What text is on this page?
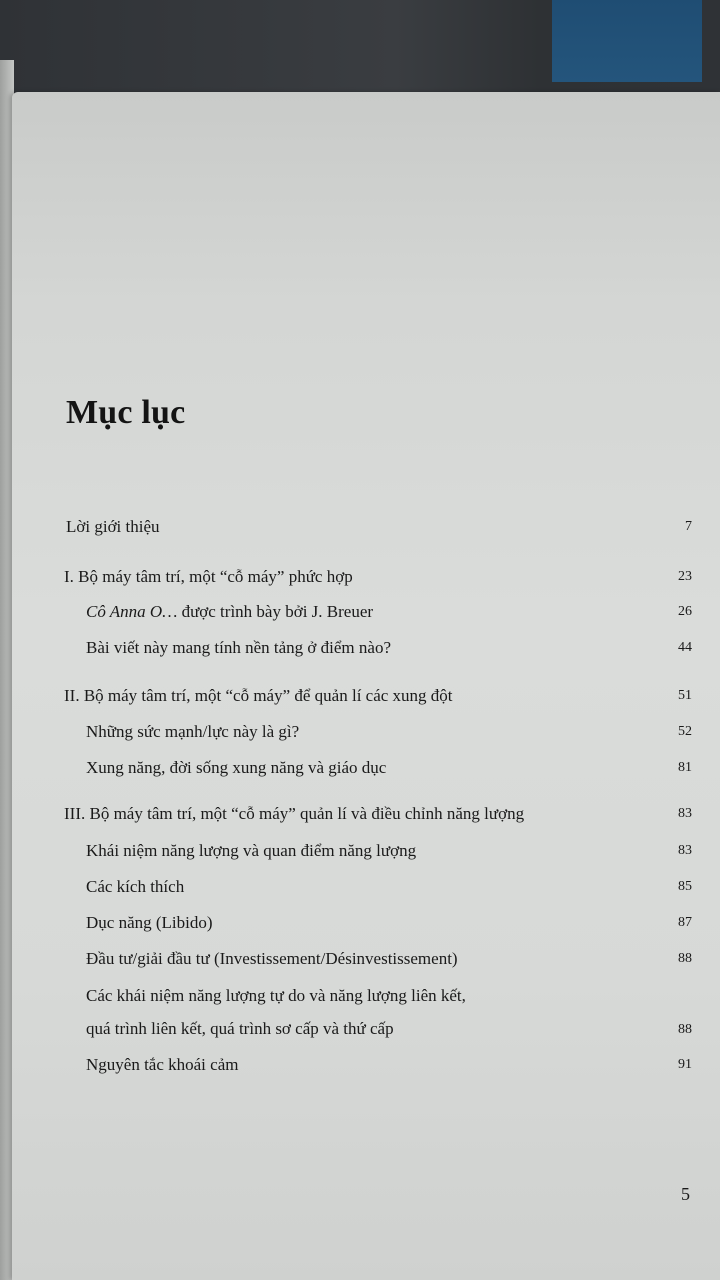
Mục lục
Lời giới thiệu	7
I. Bộ máy tâm trí, một “cỗ máy” phức hợp	23
Cô Anna O… được trình bày bởi J. Breuer	26
Bài viết này mang tính nền tảng ở điểm nào?	44
II. Bộ máy tâm trí, một “cỗ máy” để quản lí các xung đột	51
Những sức mạnh/lực này là gì?	52
Xung năng, đời sống xung năng và giáo dục	81
III. Bộ máy tâm trí, một “cỗ máy” quản lí và điều chỉnh năng lượng	83
Khái niệm năng lượng và quan điểm năng lượng	83
Các kích thích	85
Dục năng (Libido)	87
Đầu tư/giải đầu tư (Investissement/Désinvestissement)	88
Các khái niệm năng lượng tự do và năng lượng liên kết,
quá trình liên kết, quá trình sơ cấp và thứ cấp	88
Nguyên tắc khoái cảm	91
5
